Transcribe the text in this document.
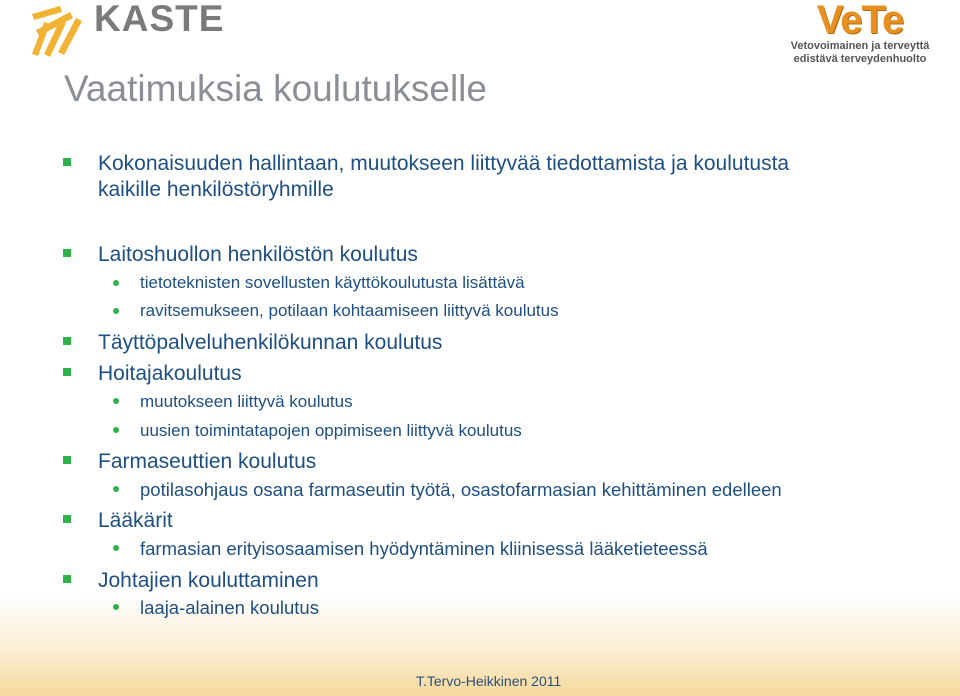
KASTE	VeTe
Vetovoimainen ja terveyttä
edistävä terveydenhuolto
Vaatimuksia koulutukselle
Kokonaisuuden hallintaan, muutokseen liittyvää tiedottamista ja koulutusta
kaikille henkilöstöryhmille
Laitoshuollon henkilöstön koulutus
tietoteknisten sovellusten käyttökoulutusta lisättävä
ravitsemukseen, potilaan kohtaamiseen liittyvä koulutus
Täyttöpalveluhenkilökunnan koulutus
Hoitajakoulutus
muutokseen liittyvä koulutus
uusien toimintatapojen oppimiseen liittyvä koulutus
Farmaseuttien koulutus
potilasohjaus osana farmaseutin työtä, osastofarmasian kehittäminen edelleen
Lääkärit
farmasian erityisosaamisen hyödyntäminen kliinisessä lääketieteessä
Johtajien kouluttaminen
laaja-alainen koulutus
T.Tervo-Heikkinen 2011
